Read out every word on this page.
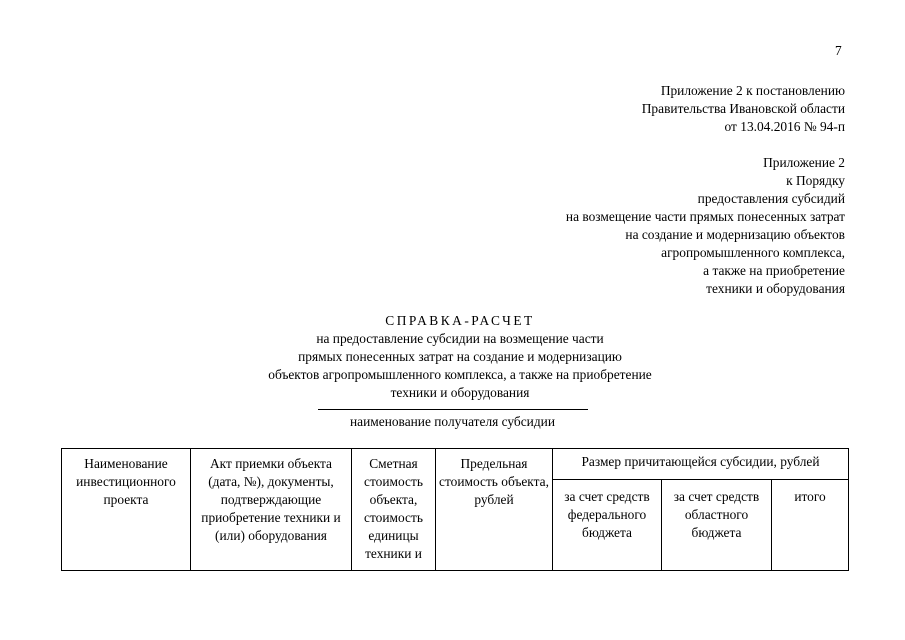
7
Приложение 2 к постановлению
Правительства Ивановской области
от 13.04.2016 № 94-п
Приложение 2
к Порядку
предоставления субсидий
на возмещение части прямых понесенных затрат
на создание и модернизацию объектов
агропромышленного комплекса,
а также на приобретение
техники и оборудования
СПРАВКА-РАСЧЕТ
на предоставление субсидии на возмещение части
прямых понесенных затрат на создание и модернизацию
объектов агропромышленного комплекса, а также на приобретение
техники и оборудования
наименование получателя субсидии
Наименование инвестиционного проекта	Акт приемки объекта (дата, №), документы, подтверждающие приобретение техники и (или) оборудования	Сметная стоимость объекта, стоимость единицы техники и	Предельная стоимость объекта, рублей	Размер причитающейся субсидии, рублей		

				за счет средств федерального бюджета	за счет средств областного бюджета	итого
